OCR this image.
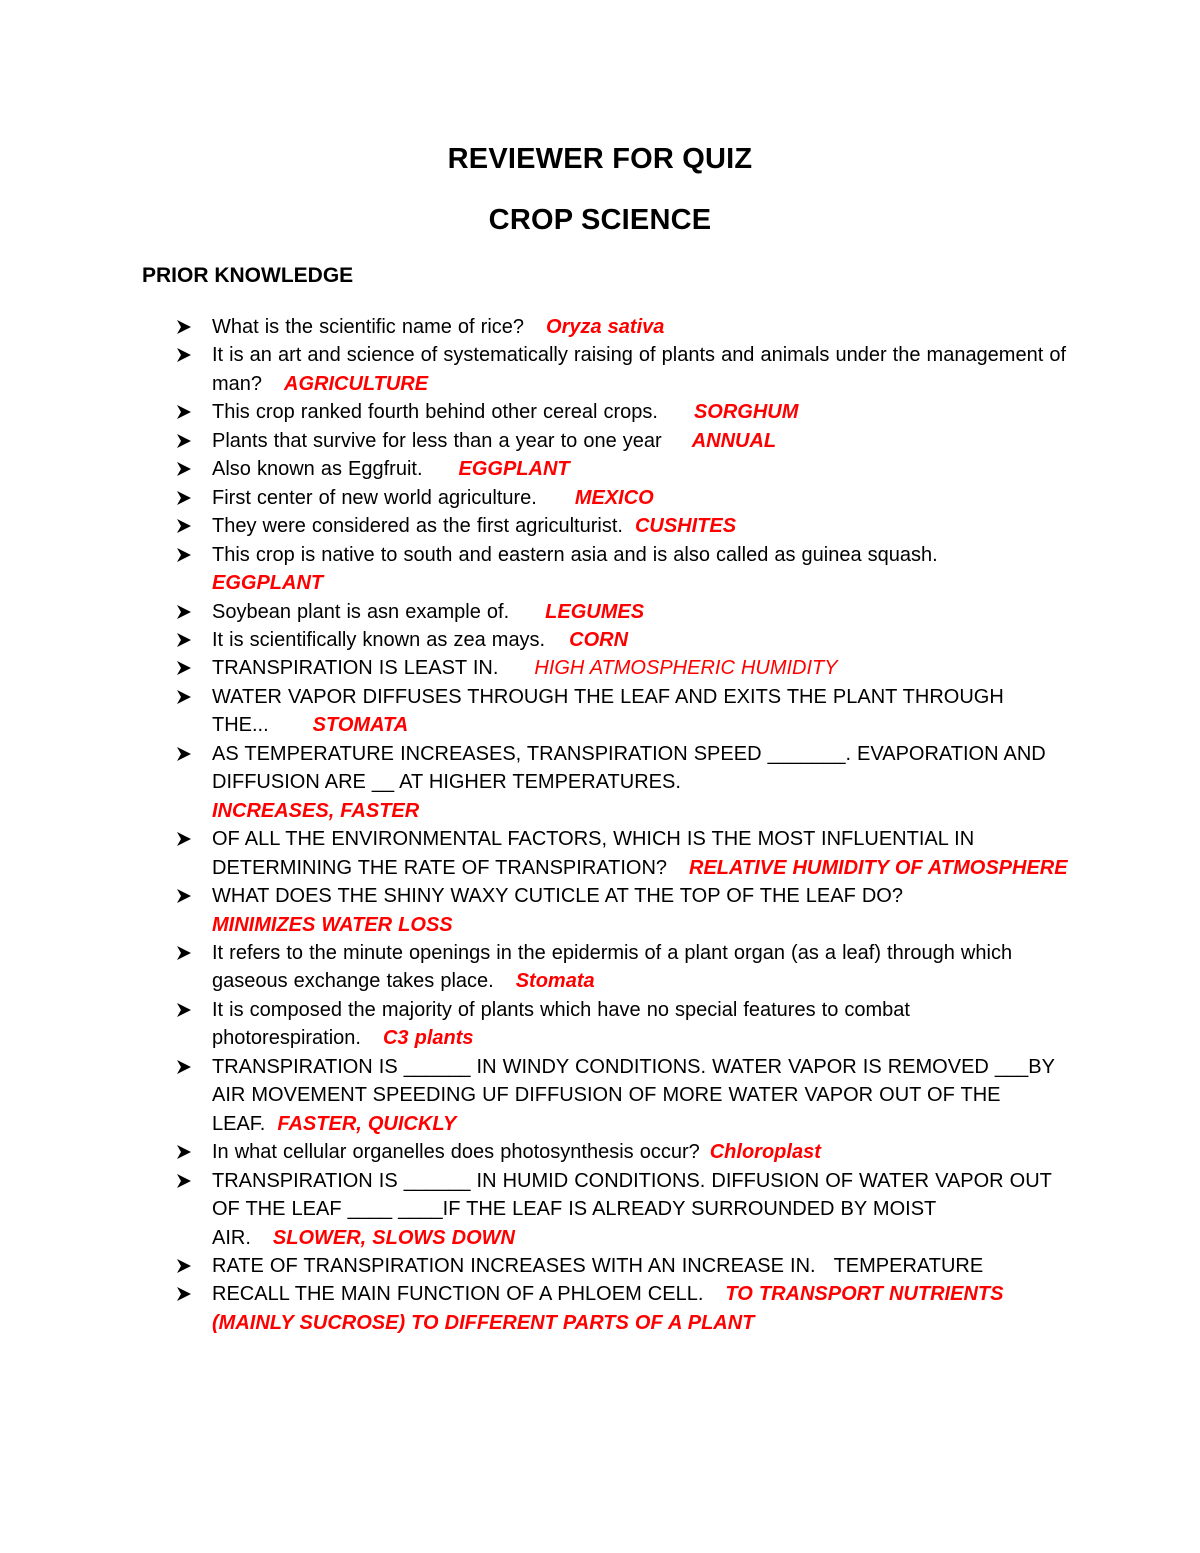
REVIEWER FOR QUIZ
CROP SCIENCE
PRIOR KNOWLEDGE
What is the scientific name of rice? Oryza sativa
It is an art and science of systematically raising of plants and animals under the management of man? AGRICULTURE
This crop ranked fourth behind other cereal crops. SORGHUM
Plants that survive for less than a year to one year ANNUAL
Also known as Eggfruit. EGGPLANT
First center of new world agriculture. MEXICO
They were considered as the first agriculturist. CUSHITES
This crop is native to south and eastern asia and is also called as guinea squash.
EGGPLANT
Soybean plant is asn example of. LEGUMES
It is scientifically known as zea mays. CORN
TRANSPIRATION IS LEAST IN. HIGH ATMOSPHERIC HUMIDITY
WATER VAPOR DIFFUSES THROUGH THE LEAF AND EXITS THE PLANT THROUGH THE... STOMATA
AS TEMPERATURE INCREASES, TRANSPIRATION SPEED _______. EVAPORATION AND DIFFUSION ARE __ AT HIGHER TEMPERATURES.
INCREASES, FASTER
OF ALL THE ENVIRONMENTAL FACTORS, WHICH IS THE MOST INFLUENTIAL IN DETERMINING THE RATE OF TRANSPIRATION? RELATIVE HUMIDITY OF ATMOSPHERE
WHAT DOES THE SHINY WAXY CUTICLE AT THE TOP OF THE LEAF DO?
MINIMIZES WATER LOSS
It refers to the minute openings in the epidermis of a plant organ (as a leaf) through which gaseous exchange takes place. Stomata
It is composed the majority of plants which have no special features to combat photorespiration. C3 plants
TRANSPIRATION IS ______ IN WINDY CONDITIONS. WATER VAPOR IS REMOVED ___BY AIR MOVEMENT SPEEDING UF DIFFUSION OF MORE WATER VAPOR OUT OF THE LEAF. FASTER, QUICKLY
In what cellular organelles does photosynthesis occur? Chloroplast
TRANSPIRATION IS ______ IN HUMID CONDITIONS. DIFFUSION OF WATER VAPOR OUT OF THE LEAF ____ ____IF THE LEAF IS ALREADY SURROUNDED BY MOIST AIR. SLOWER, SLOWS DOWN
RATE OF TRANSPIRATION INCREASES WITH AN INCREASE IN. TEMPERATURE
RECALL THE MAIN FUNCTION OF A PHLOEM CELL. TO TRANSPORT NUTRIENTS (MAINLY SUCROSE) TO DIFFERENT PARTS OF A PLANT
